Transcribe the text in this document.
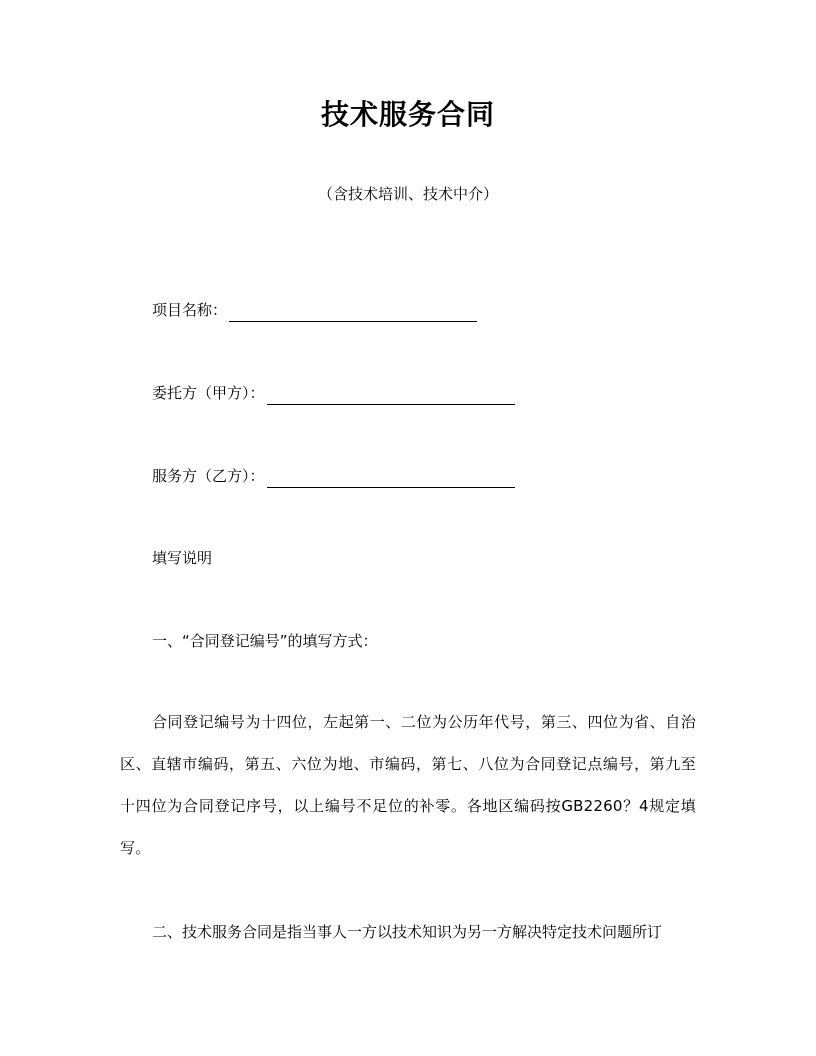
技术服务合同
（含技术培训、技术中介）
项目名称：
委托方（甲方）：
服务方（乙方）：
填写说明
一、“合同登记编号”的填写方式：
合同登记编号为十四位，左起第一、二位为公历年代号，第三、四位为省、自治区、直辖市编码，第五、六位为地、市编码，第七、八位为合同登记点编号，第九至十四位为合同登记序号，以上编号不足位的补零。各地区编码按GB2260？4规定填写。
二、技术服务合同是指当事人一方以技术知识为另一方解决特定技术问题所订
